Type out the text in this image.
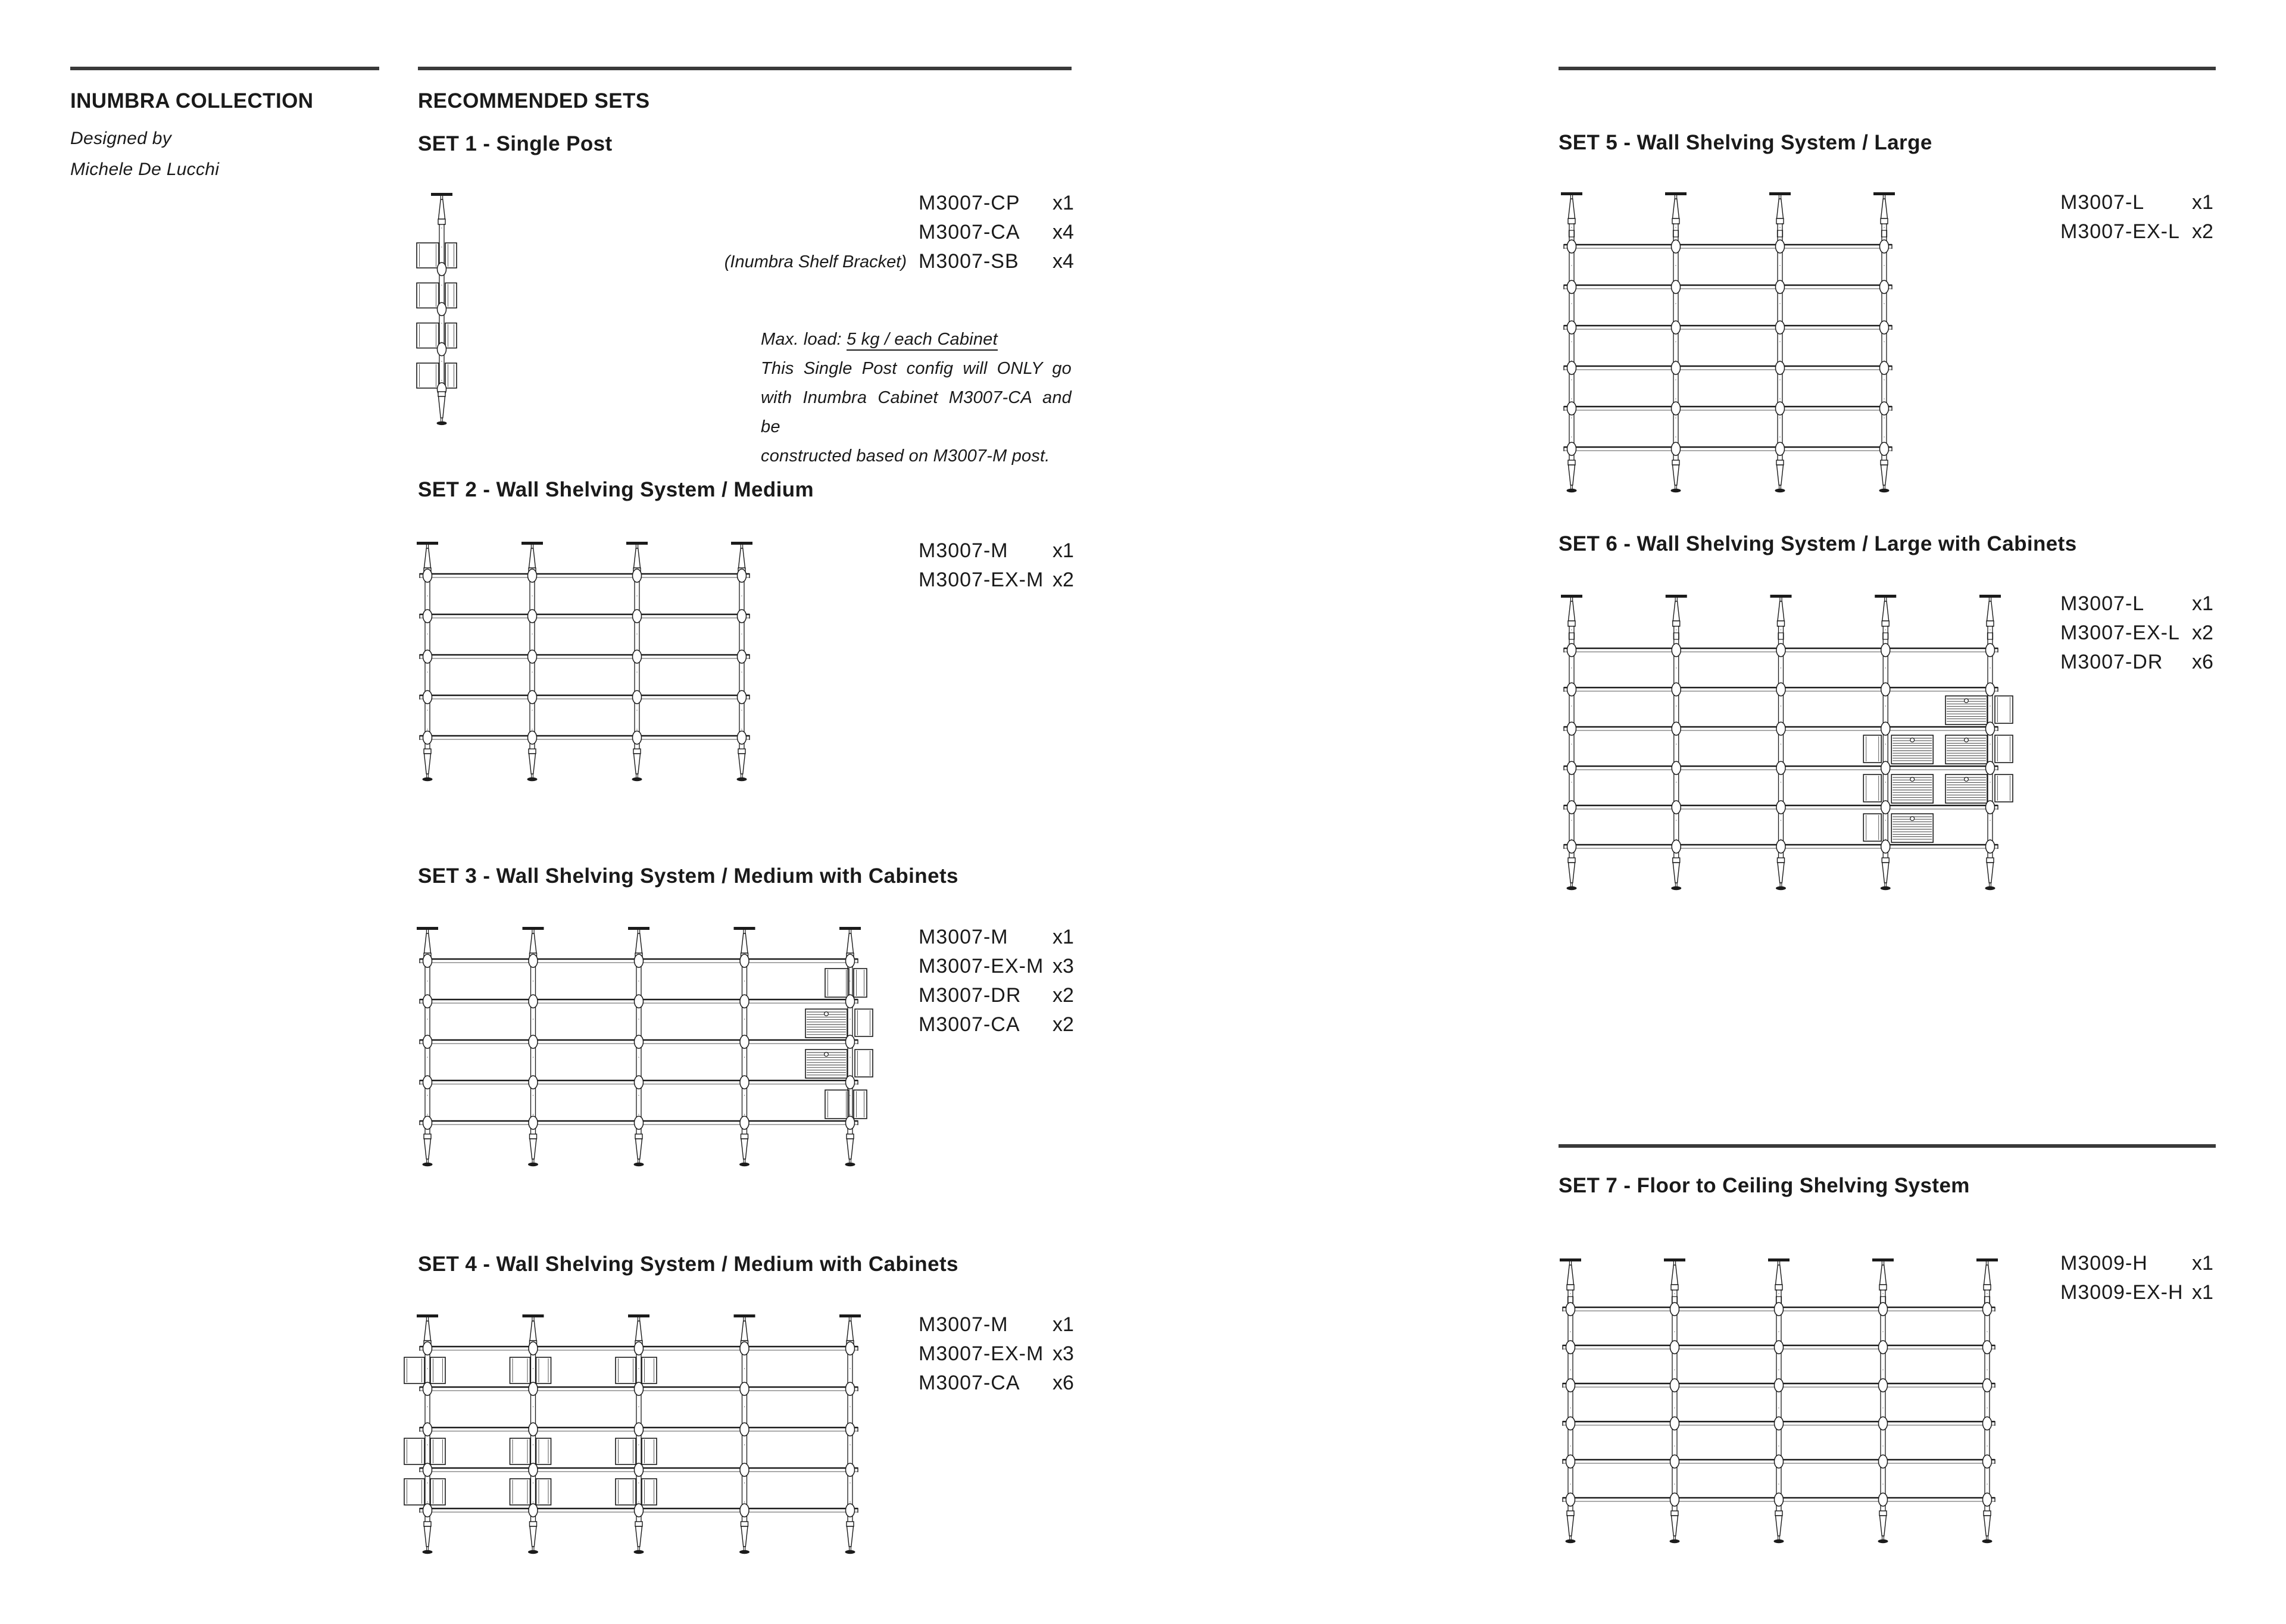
INUMBRA COLLECTION
Designed by
Michele De Lucchi
RECOMMENDED SETS
SET 1 - Single Post
M3007-CP x1
M3007-CA x4
M3007-SB x4
(Inumbra Shelf Bracket)
Max. load: 5 kg / each Cabinet
This Single Post config will ONLY go
with Inumbra Cabinet M3007-CA and be
constructed based on M3007-M post.
SET 2 - Wall Shelving System / Medium
M3007-M x1
M3007-EX-M x2
SET 3 - Wall Shelving System / Medium with Cabinets
M3007-M x1
M3007-EX-M x3
M3007-DR x2
M3007-CA x2
SET 4 - Wall Shelving System / Medium with Cabinets
M3007-M x1
M3007-EX-M x3
M3007-CA x6
SET 5 - Wall Shelving System / Large
M3007-L x1
M3007-EX-L x2
SET 6 - Wall Shelving System / Large with Cabinets
M3007-L x1
M3007-EX-L x2
M3007-DR x6
SET 7 - Floor to Ceiling Shelving System
M3009-H x1
M3009-EX-H x1
